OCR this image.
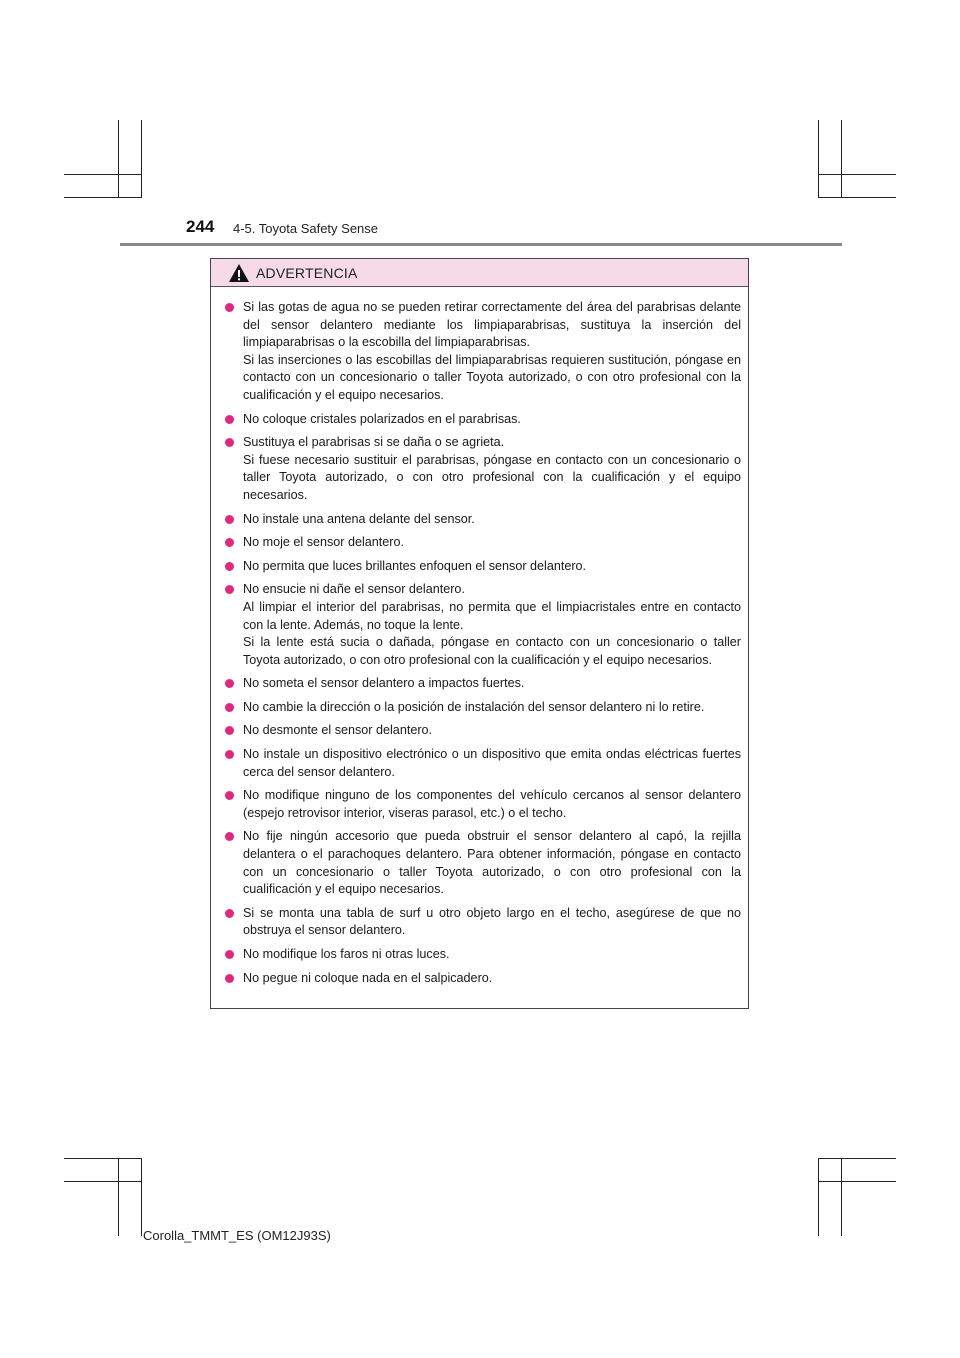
244 4-5. Toyota Safety Sense
ADVERTENCIA
Si las gotas de agua no se pueden retirar correctamente del área del parabrisas delante del sensor delantero mediante los limpiaparabrisas, sustituya la inserción del limpiaparabrisas o la escobilla del limpiaparabrisas.
Si las inserciones o las escobillas del limpiaparabrisas requieren sustitución, póngase en contacto con un concesionario o taller Toyota autorizado, o con otro profesional con la cualificación y el equipo necesarios.
No coloque cristales polarizados en el parabrisas.
Sustituya el parabrisas si se daña o se agrieta.
Si fuese necesario sustituir el parabrisas, póngase en contacto con un concesionario o taller Toyota autorizado, o con otro profesional con la cualificación y el equipo necesarios.
No instale una antena delante del sensor.
No moje el sensor delantero.
No permita que luces brillantes enfoquen el sensor delantero.
No ensucie ni dañe el sensor delantero.
Al limpiar el interior del parabrisas, no permita que el limpiacristales entre en contacto con la lente. Además, no toque la lente.
Si la lente está sucia o dañada, póngase en contacto con un concesionario o taller Toyota autorizado, o con otro profesional con la cualificación y el equipo necesarios.
No someta el sensor delantero a impactos fuertes.
No cambie la dirección o la posición de instalación del sensor delantero ni lo retire.
No desmonte el sensor delantero.
No instale un dispositivo electrónico o un dispositivo que emita ondas eléctricas fuertes cerca del sensor delantero.
No modifique ninguno de los componentes del vehículo cercanos al sensor delantero (espejo retrovisor interior, viseras parasol, etc.) o el techo.
No fije ningún accesorio que pueda obstruir el sensor delantero al capó, la rejilla delantera o el parachoques delantero. Para obtener información, póngase en contacto con un concesionario o taller Toyota autorizado, o con otro profesional con la cualificación y el equipo necesarios.
Si se monta una tabla de surf u otro objeto largo en el techo, asegúrese de que no obstruya el sensor delantero.
No modifique los faros ni otras luces.
No pegue ni coloque nada en el salpicadero.
Corolla_TMMT_ES (OM12J93S)
